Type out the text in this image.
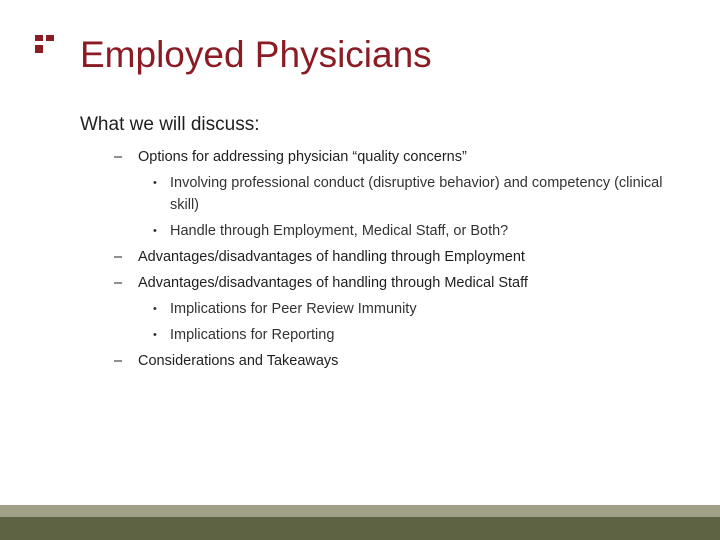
Employed Physicians
What we will discuss:
– Options for addressing physician “quality concerns”
• Involving professional conduct (disruptive behavior) and competency (clinical skill)
• Handle through Employment, Medical Staff, or Both?
– Advantages/disadvantages of handling through Employment
– Advantages/disadvantages of handling through Medical Staff
• Implications for Peer Review Immunity
• Implications for Reporting
– Considerations and Takeaways
